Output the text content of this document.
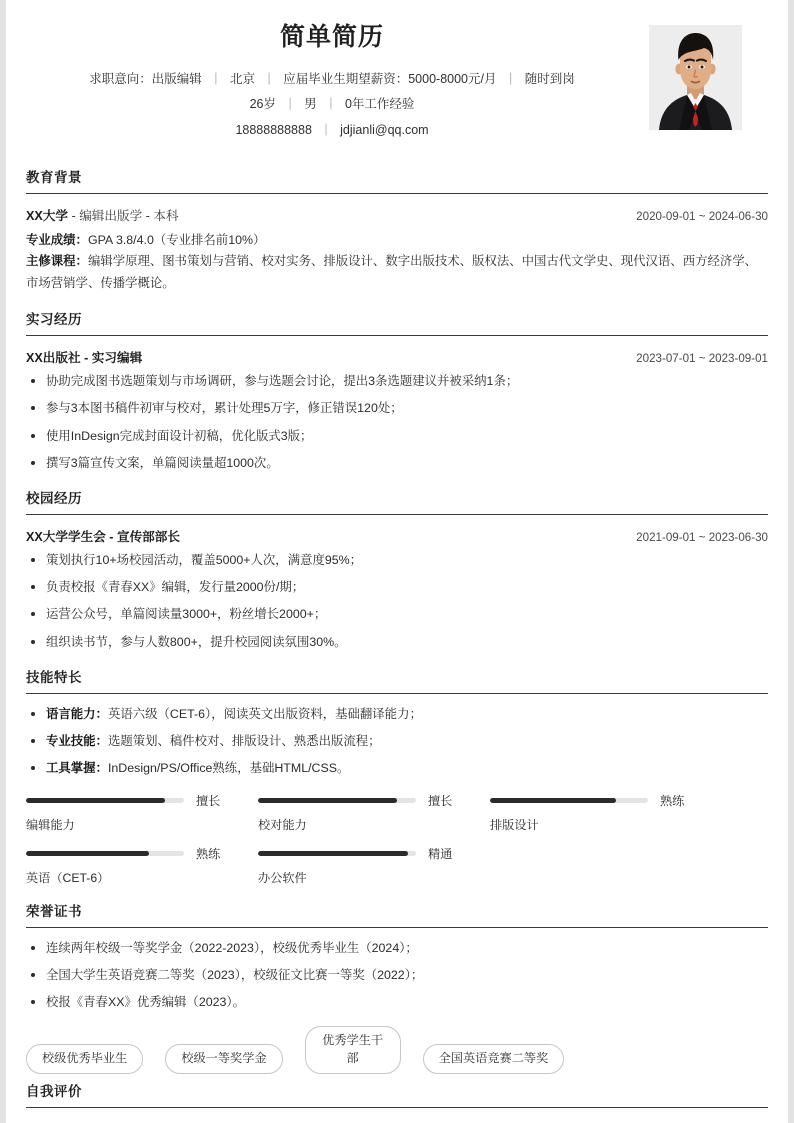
简单简历
求职意向：出版编辑 | 北京 | 应届毕业生期望薪资：5000-8000元/月 | 随时到岗
26岁 | 男 | 0年工作经验
18888888888 | jdjianli@qq.com
教育背景
XX大学 - 编辑出版学 - 本科	2020-09-01 ~ 2024-06-30
专业成绩：GPA 3.8/4.0（专业排名前10%）
主修课程：编辑学原理、图书策划与营销、校对实务、排版设计、数字出版技术、版权法、中国古代文学史、现代汉语、西方经济学、市场营销学、传播学概论。
实习经历
XX出版社 - 实习编辑	2023-07-01 ~ 2023-09-01
协助完成图书选题策划与市场调研，参与选题会讨论，提出3条选题建议并被采纳1条；
参与3本图书稿件初审与校对，累计处理5万字，修正错误120处；
使用InDesign完成封面设计初稿，优化版式3版；
撰写3篇宣传文案，单篇阅读量超1000次。
校园经历
XX大学学生会 - 宣传部部长	2021-09-01 ~ 2023-06-30
策划执行10+场校园活动，覆盖5000+人次，满意度95%；
负责校报《青春XX》编辑，发行量2000份/期；
运营公众号，单篇阅读量3000+，粉丝增长2000+；
组织读书节，参与人数800+，提升校园阅读氛围30%。
技能特长
语言能力：英语六级（CET-6），阅读英文出版资料，基础翻译能力；
专业技能：选题策划、稿件校对、排版设计、熟悉出版流程；
工具掌握：InDesign/PS/Office熟练，基础HTML/CSS。
擅长
编辑能力
擅长
校对能力
熟练
排版设计
熟练
英语（CET-6）
精通
办公软件
荣誉证书
连续两年校级一等奖学金（2022-2023），校级优秀毕业生（2024）；
全国大学生英语竞赛二等奖（2023），校级征文比赛一等奖（2022）；
校报《青春XX》优秀编辑（2023）。
校级优秀毕业生	校级一等奖学金
优秀学生干部	全国英语竞赛二等奖
自我评价
